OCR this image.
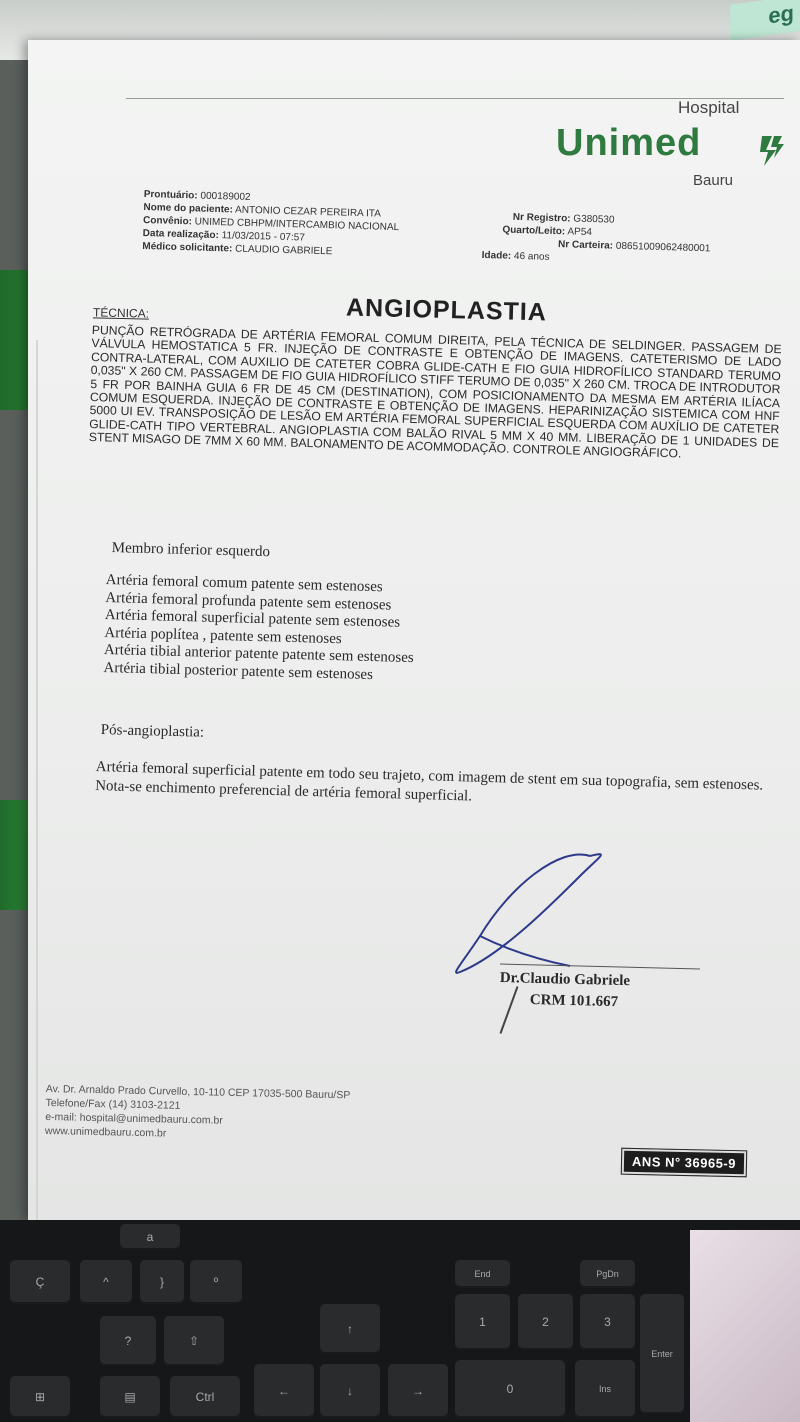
eg
Hospital
Unimed
Bauru
Prontuário: 000189002
Nome do paciente: ANTONIO CEZAR PEREIRA ITA
Convênio: UNIMED CBHPM/INTERCAMBIO NACIONAL
Data realização: 11/03/2015 - 07:57
Médico solicitante: CLAUDIO GABRIELE
Nr Registro: G380530
Quarto/Leito: AP54
Nr Carteira: 08651009062480001
Idade: 46 anos
ANGIOPLASTIA
TÉCNICA:
PUNÇÃO RETRÓGRADA DE ARTÉRIA FEMORAL COMUM DIREITA, PELA TÉCNICA DE SELDINGER. PASSAGEM DE VÁLVULA HEMOSTATICA 5 FR. INJEÇÃO DE CONTRASTE E OBTENÇÃO DE IMAGENS. CATETERISMO DE LADO CONTRA-LATERAL, COM AUXILIO DE CATETER COBRA GLIDE-CATH E FIO GUIA HIDROFÍLICO STANDARD TERUMO 0,035" X 260 CM. PASSAGEM DE FIO GUIA HIDROFÍLICO STIFF TERUMO DE 0,035" X 260 CM. TROCA DE INTRODUTOR 5 FR POR BAINHA GUIA 6 FR DE 45 CM (DESTINATION), COM POSICIONAMENTO DA MESMA EM ARTÉRIA ILÍACA COMUM ESQUERDA. INJEÇÃO DE CONTRASTE E OBTENÇÃO DE IMAGENS. HEPARINIZAÇÃO SISTEMICA COM HNF 5000 UI EV. TRANSPOSIÇÃO DE LESÃO EM ARTÉRIA FEMORAL SUPERFICIAL ESQUERDA COM AUXÍLIO DE CATETER GLIDE-CATH TIPO VERTEBRAL. ANGIOPLASTIA COM BALÃO RIVAL 5 MM X 40 MM. LIBERAÇÃO DE 1 UNIDADES DE STENT MISAGO DE 7MM X 60 MM. BALONAMENTO DE ACOMMODAÇÃO. CONTROLE ANGIOGRÁFICO.
Membro inferior esquerdo
Artéria femoral comum patente sem estenoses
Artéria femoral profunda patente sem estenoses
Artéria femoral superficial patente sem estenoses
Artéria poplítea , patente sem estenoses
Artéria tibial anterior patente patente sem estenoses
Artéria tibial posterior patente sem estenoses
Pós-angioplastia:
Artéria femoral superficial patente em todo seu trajeto, com imagem de stent em sua topografia, sem estenoses. Nota-se enchimento preferencial de artéria femoral superficial.
Dr.Claudio Gabriele
CRM 101.667
Av. Dr. Arnaldo Prado Curvello, 10-110 CEP 17035-500 Bauru/SP
Telefone/Fax (14) 3103-2121
e-mail: hospital@unimedbauru.com.br
www.unimedbauru.com.br
ANS N° 36965-9
a
Ç	^	}	º
?	⇧
↑
Ctrl	↓
←	→
1	2	3
0
End	PgDn
Ins
Enter
⊞	▤
